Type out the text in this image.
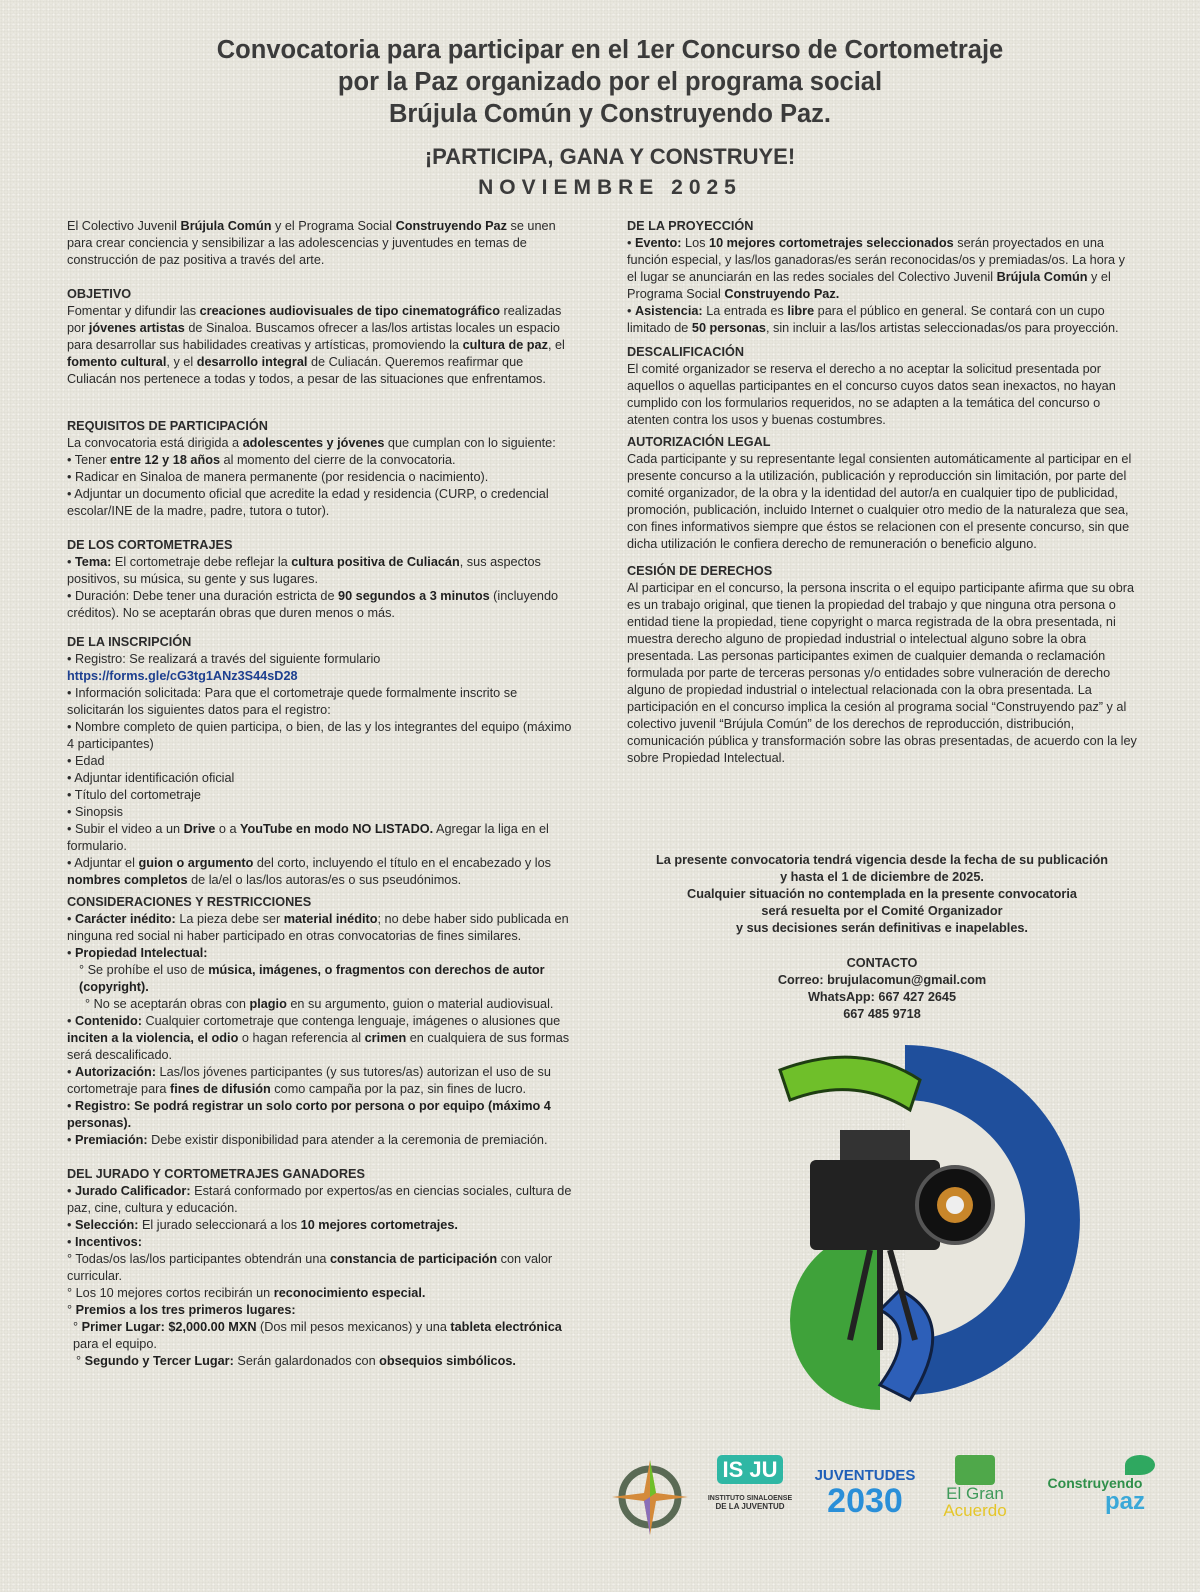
Convocatoria para participar en el 1er Concurso de Cortometraje
por la Paz organizado por el programa social
Brújula Común y Construyendo Paz.
¡PARTICIPA, GANA Y CONSTRUYE!
NOVIEMBRE 2025

El Colectivo Juvenil Brújula Común y el Programa Social Construyendo Paz se unen para crear conciencia y sensibilizar a las adolescencias y juventudes en temas de construcción de paz positiva a través del arte.

OBJETIVO

Fomentar y difundir las creaciones audiovisuales de tipo cinematográfico realizadas por jóvenes artistas de Sinaloa. Buscamos ofrecer a las/los artistas locales un espacio para desarrollar sus habilidades creativas y artísticas, promoviendo la cultura de paz, el fomento cultural, y el desarrollo integral de Culiacán. Queremos reafirmar que Culiacán nos pertenece a todas y todos, a pesar de las situaciones que enfrentamos.

REQUISITOS DE PARTICIPACIÓN

La convocatoria está dirigida a adolescentes y jóvenes que cumplan con lo siguiente:

• Tener entre 12 y 18 años al momento del cierre de la convocatoria.

• Radicar en Sinaloa de manera permanente (por residencia o nacimiento).

• Adjuntar un documento oficial que acredite la edad y residencia (CURP, o credencial escolar/INE de la madre, padre, tutora o tutor).

DE LOS CORTOMETRAJES

• Tema: El cortometraje debe reflejar la cultura positiva de Culiacán, sus aspectos positivos, su música, su gente y sus lugares.

• Duración: Debe tener una duración estricta de 90 segundos a 3 minutos (incluyendo créditos). No se aceptarán obras que duren menos o más.

DE LA INSCRIPCIÓN

• Registro: Se realizará a través del siguiente formulario

https://forms.gle/cG3tg1ANz3S44sD28

• Información solicitada: Para que el cortometraje quede formalmente inscrito se solicitarán los siguientes datos para el registro:

• Nombre completo de quien participa, o bien, de las y los integrantes del equipo (máximo 4 participantes)

• Edad

• Adjuntar identificación oficial

• Título del cortometraje

• Sinopsis

• Subir el video a un Drive o a YouTube en modo NO LISTADO. Agregar la liga en el formulario.

• Adjuntar el guion o argumento del corto, incluyendo el título en el encabezado y los nombres completos de la/el o las/los autoras/es o sus pseudónimos.

CONSIDERACIONES Y RESTRICCIONES

• Carácter inédito: La pieza debe ser material inédito; no debe haber sido publicada en ninguna red social ni haber participado en otras convocatorias de fines similares.

• Propiedad Intelectual:

° Se prohíbe el uso de música, imágenes, o fragmentos con derechos de autor (copyright).

° No se aceptarán obras con plagio en su argumento, guion o material audiovisual.

• Contenido: Cualquier cortometraje que contenga lenguaje, imágenes o alusiones que inciten a la violencia, el odio o hagan referencia al crimen en cualquiera de sus formas será descalificado.

• Autorización: Las/los jóvenes participantes (y sus tutores/as) autorizan el uso de su cortometraje para fines de difusión como campaña por la paz, sin fines de lucro.

• Registro: Se podrá registrar un solo corto por persona o por equipo (máximo 4 personas).

• Premiación: Debe existir disponibilidad para atender a la ceremonia de premiación.

DEL JURADO Y CORTOMETRAJES GANADORES

• Jurado Calificador: Estará conformado por expertos/as en ciencias sociales, cultura de paz, cine, cultura y educación.

• Selección: El jurado seleccionará a los 10 mejores cortometrajes.

• Incentivos:

° Todas/os las/los participantes obtendrán una constancia de participación con valor curricular.

° Los 10 mejores cortos recibirán un reconocimiento especial.

° Premios a los tres primeros lugares:

° Primer Lugar: $2,000.00 MXN (Dos mil pesos mexicanos) y una tableta electrónica para el equipo.

° Segundo y Tercer Lugar: Serán galardonados con obsequios simbólicos.

DE LA PROYECCIÓN

• Evento: Los 10 mejores cortometrajes seleccionados serán proyectados en una función especial, y las/los ganadoras/es serán reconocidas/os y premiadas/os. La hora y el lugar se anunciarán en las redes sociales del Colectivo Juvenil Brújula Común y el Programa Social Construyendo Paz.

• Asistencia: La entrada es libre para el público en general. Se contará con un cupo limitado de 50 personas, sin incluir a las/los artistas seleccionadas/os para proyección.

DESCALIFICACIÓN

El comité organizador se reserva el derecho a no aceptar la solicitud presentada por aquellos o aquellas participantes en el concurso cuyos datos sean inexactos, no hayan cumplido con los formularios requeridos, no se adapten a la temática del concurso o atenten contra los usos y buenas costumbres.

AUTORIZACIÓN LEGAL

Cada participante y su representante legal consienten automáticamente al participar en el presente concurso a la utilización, publicación y reproducción sin limitación, por parte del comité organizador, de la obra y la identidad del autor/a en cualquier tipo de publicidad, promoción, publicación, incluido Internet o cualquier otro medio de la naturaleza que sea, con fines informativos siempre que éstos se relacionen con el presente concurso, sin que dicha utilización le confiera derecho de remuneración o beneficio alguno.

CESIÓN DE DERECHOS

Al participar en el concurso, la persona inscrita o el equipo participante afirma que su obra es un trabajo original, que tienen la propiedad del trabajo y que ninguna otra persona o entidad tiene la propiedad, tiene copyright o marca registrada de la obra presentada, ni muestra derecho alguno de propiedad industrial o intelectual alguno sobre la obra presentada. Las personas participantes eximen de cualquier demanda o reclamación formulada por parte de terceras personas y/o entidades sobre vulneración de derecho alguno de propiedad industrial o intelectual relacionada con la obra presentada. La participación en el concurso implica la cesión al programa social “Construyendo paz” y al colectivo juvenil “Brújula Común” de los derechos de reproducción, distribución, comunicación pública y transformación sobre las obras presentadas, de acuerdo con la ley sobre Propiedad Intelectual.

La presente convocatoria tendrá vigencia desde la fecha de su publicación
y hasta el 1 de diciembre de 2025.
Cualquier situación no contemplada en la presente convocatoria
será resuelta por el Comité Organizador
y sus decisiones serán definitivas e inapelables.
CONTACTO
Correo: brujulacomun@gmail.com
WhatsApp: 667 427 2645
667 485 9718
IS JU
INSTITUTO SINALOENSE
DE LA JUVENTUD
JUVENTUDES
2030	El Gran
Acuerdo
Construyendo
paz
